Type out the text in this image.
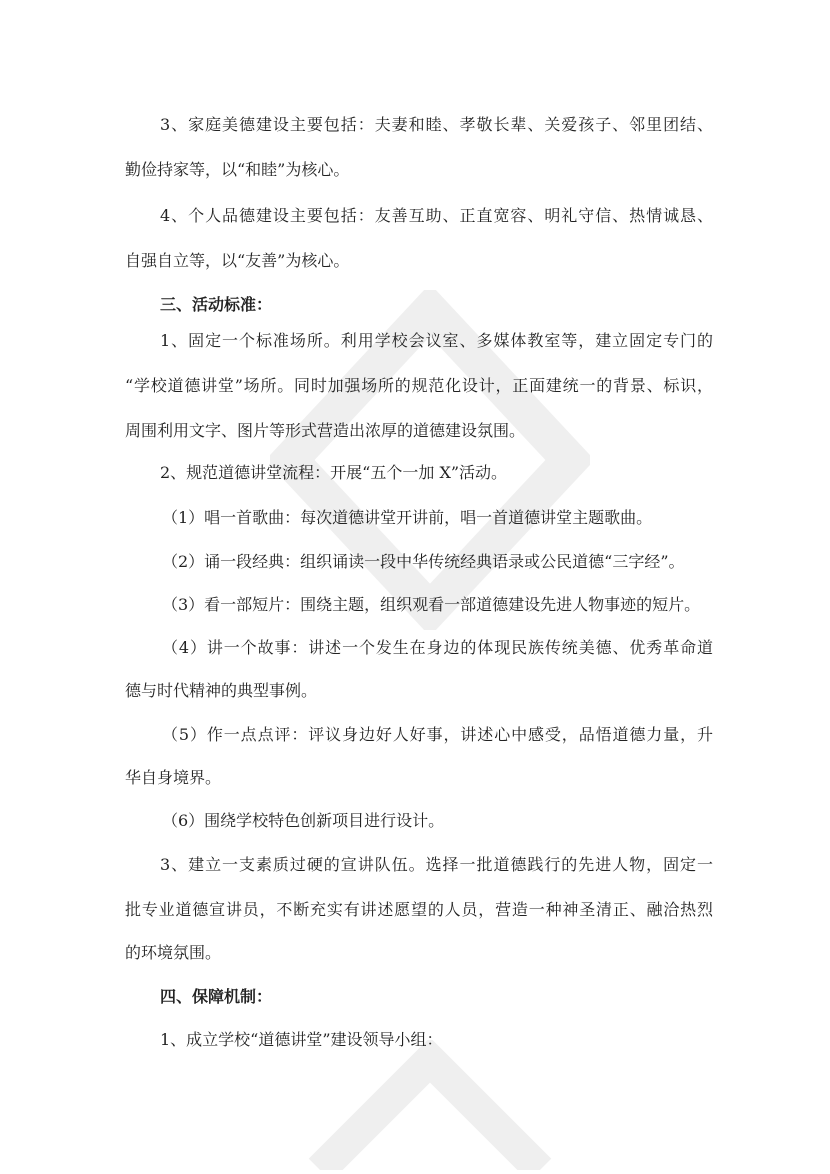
3、家庭美德建设主要包括：夫妻和睦、孝敬长辈、关爱孩子、邻里团结、
勤俭持家等，以“和睦”为核心。
4、个人品德建设主要包括：友善互助、正直宽容、明礼守信、热情诚恳、
自强自立等，以“友善”为核心。
三、活动标准：
1、固定一个标准场所。利用学校会议室、多媒体教室等，建立固定专门的
“学校道德讲堂”场所。同时加强场所的规范化设计，正面建统一的背景、标识，
周围利用文字、图片等形式营造出浓厚的道德建设氛围。
2、规范道德讲堂流程：开展“五个一加 X”活动。
（1）唱一首歌曲：每次道德讲堂开讲前，唱一首道德讲堂主题歌曲。
（2）诵一段经典：组织诵读一段中华传统经典语录或公民道德“三字经”。
（3）看一部短片：围绕主题，组织观看一部道德建设先进人物事迹的短片。
（4）讲一个故事：讲述一个发生在身边的体现民族传统美德、优秀革命道
德与时代精神的典型事例。
（5）作一点点评：评议身边好人好事，讲述心中感受，品悟道德力量，升
华自身境界。
（6）围绕学校特色创新项目进行设计。
3、建立一支素质过硬的宣讲队伍。选择一批道德践行的先进人物，固定一
批专业道德宣讲员，不断充实有讲述愿望的人员，营造一种神圣清正、融洽热烈
的环境氛围。
四、保障机制：
1、成立学校“道德讲堂”建设领导小组：
